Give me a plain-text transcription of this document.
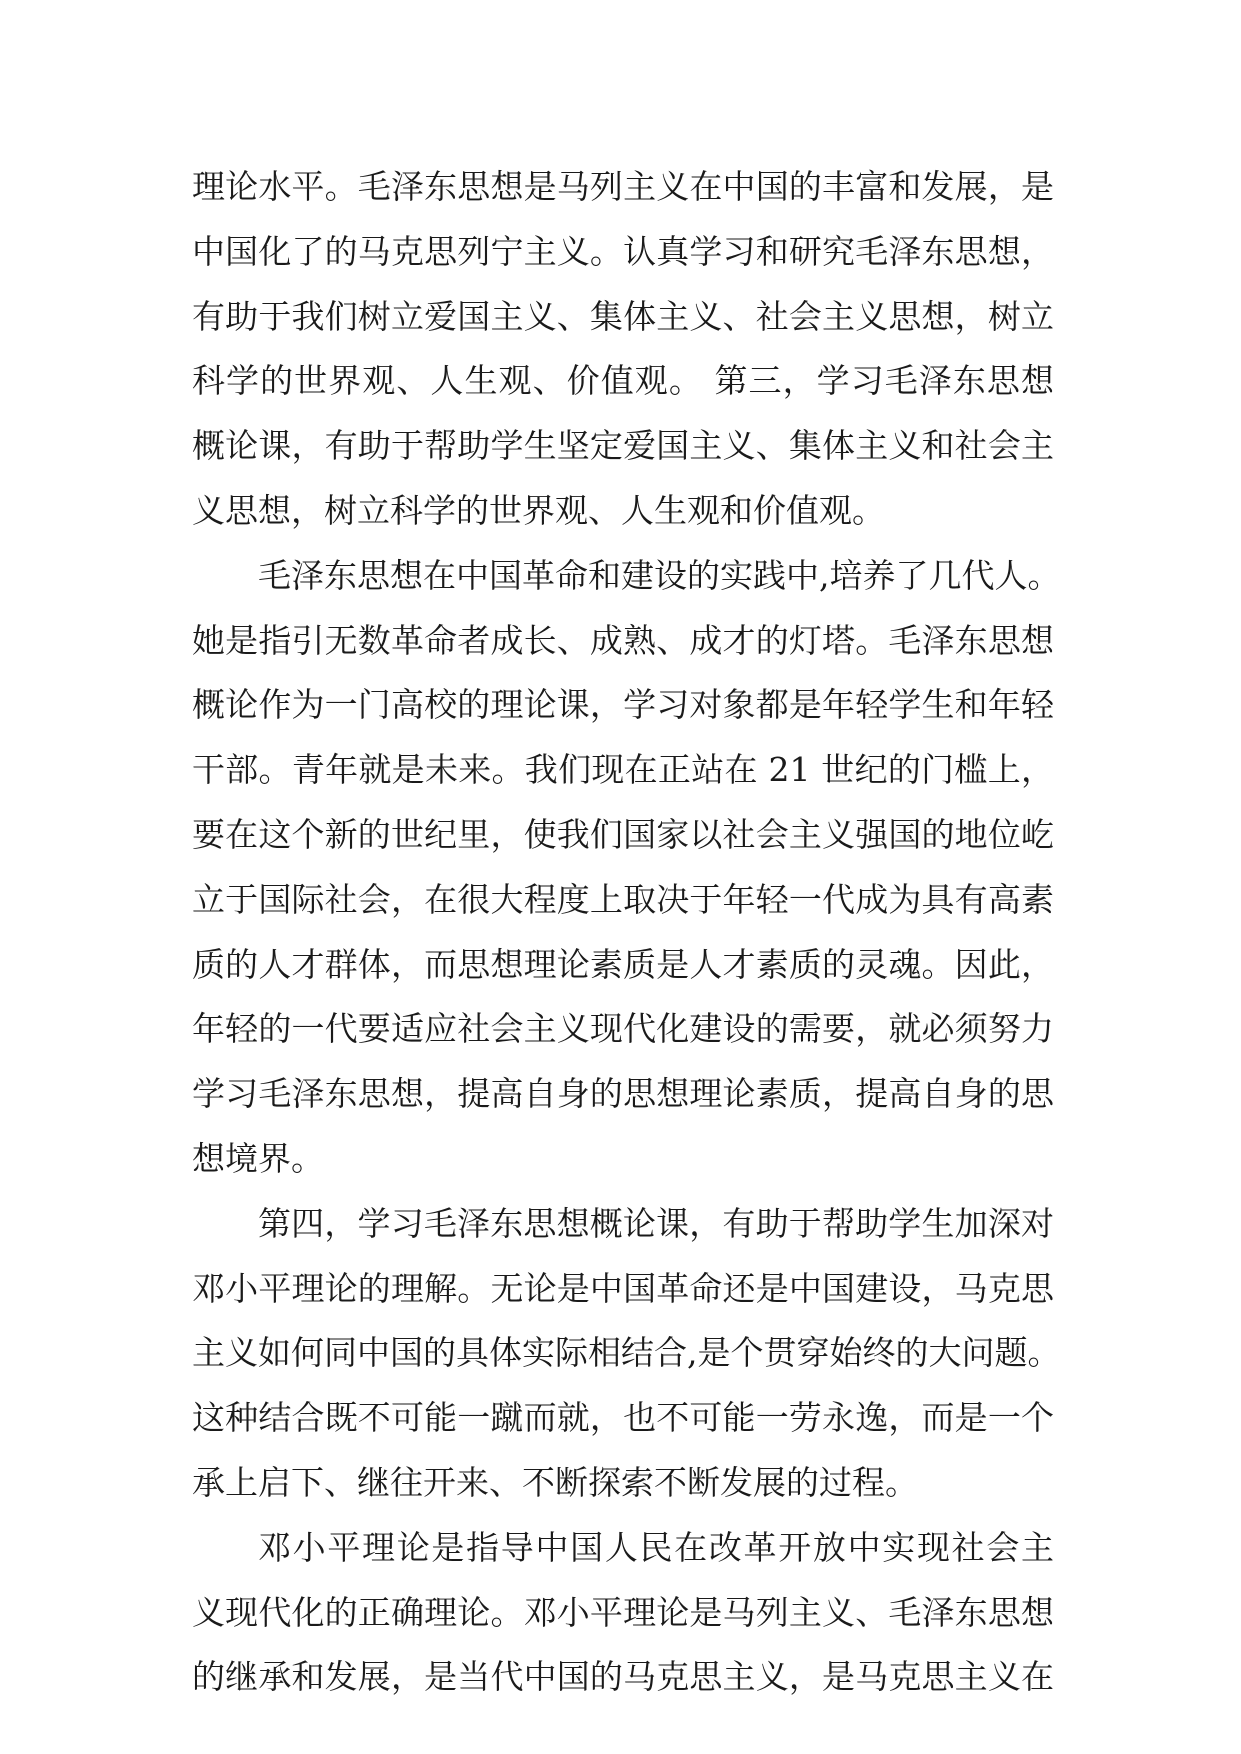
理论水平。毛泽东思想是马列主义在中国的丰富和发展，是
中国化了的马克思列宁主义。认真学习和研究毛泽东思想，
有助于我们树立爱国主义、集体主义、社会主义思想，树立
科学的世界观、人生观、价值观。 第三，学习毛泽东思想
概论课，有助于帮助学生坚定爱国主义、集体主义和社会主
义思想，树立科学的世界观、人生观和价值观。
毛泽东思想在中国革命和建设的实践中,培养了几代人。
她是指引无数革命者成长、成熟、成才的灯塔。毛泽东思想
概论作为一门高校的理论课，学习对象都是年轻学生和年轻
干部。青年就是未来。我们现在正站在 21 世纪的门槛上，
要在这个新的世纪里，使我们国家以社会主义强国的地位屹
立于国际社会，在很大程度上取决于年轻一代成为具有高素
质的人才群体，而思想理论素质是人才素质的灵魂。因此，
年轻的一代要适应社会主义现代化建设的需要，就必须努力
学习毛泽东思想，提高自身的思想理论素质，提高自身的思
想境界。
第四，学习毛泽东思想概论课，有助于帮助学生加深对
邓小平理论的理解。无论是中国革命还是中国建设，马克思
主义如何同中国的具体实际相结合,是个贯穿始终的大问题。
这种结合既不可能一蹴而就，也不可能一劳永逸，而是一个
承上启下、继往开来、不断探索不断发展的过程。
邓小平理论是指导中国人民在改革开放中实现社会主
义现代化的正确理论。邓小平理论是马列主义、毛泽东思想
的继承和发展，是当代中国的马克思主义，是马克思主义在
